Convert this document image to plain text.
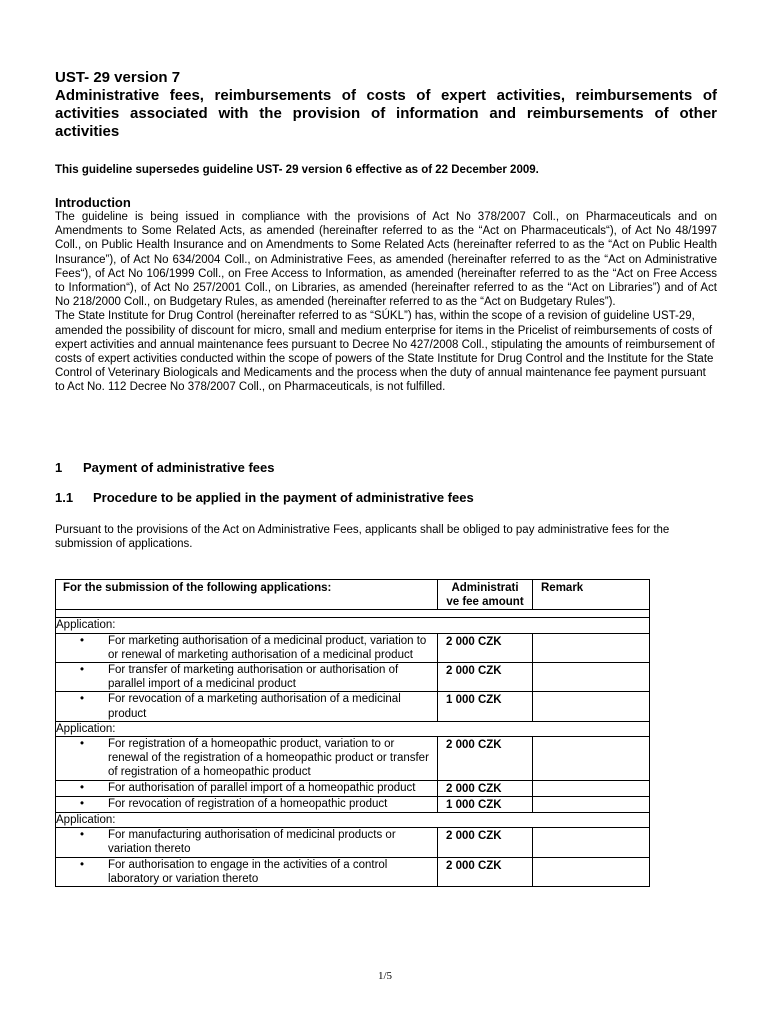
UST- 29 version 7
Administrative fees, reimbursements of costs of expert activities, reimbursements of activities associated with the provision of information and reimbursements of other activities
This guideline supersedes guideline UST- 29 version 6 effective as of 22 December 2009.
Introduction

The guideline is being issued in compliance with the provisions of Act No 378/2007 Coll., on Pharmaceuticals and on Amendments to Some Related Acts, as amended (hereinafter referred to as the “Act on Pharmaceuticals“), of Act No 48/1997 Coll., on Public Health Insurance and on Amendments to Some Related Acts (hereinafter referred to as the “Act on Public Health Insurance”), of Act No 634/2004 Coll., on Administrative Fees, as amended (hereinafter referred to as the “Act on Administrative Fees“), of Act No 106/1999 Coll., on Free Access to Information, as amended (hereinafter referred to as the “Act on Free Access to Information“), of Act No 257/2001 Coll., on Libraries, as amended (hereinafter referred to as the “Act on Libraries”) and of Act No 218/2000 Coll., on Budgetary Rules, as amended (hereinafter referred to as the “Act on Budgetary Rules”).

The State Institute for Drug Control (hereinafter referred to as “SÚKL”) has, within the scope of a revision of guideline UST-29, amended the possibility of discount for micro, small and medium enterprise for items in the Pricelist of reimbursements of costs of expert activities and annual maintenance fees pursuant to Decree No 427/2008 Coll., stipulating the amounts of reimbursement of costs of expert activities conducted within the scope of powers of the State Institute for Drug Control and the Institute for the State Control of Veterinary Biologicals and Medicaments and the process when the duty of annual maintenance fee payment pursuant to Act No. 112 Decree No 378/2007 Coll., on Pharmaceuticals, is not fulfilled.

1 Payment of administrative fees
1.1 Procedure to be applied in the payment of administrative fees

Pursuant to the provisions of the Act on Administrative Fees, applicants shall be obliged to pay administrative fees for the submission of applications.

For the submission of the following applications:	Administrati ve fee amount
	Remark

Application:

•	For marketing authorisation of a medicinal product, variation to or renewal of marketing authorisation of a medicinal product
	2 000 CZK	

•	For transfer of marketing authorisation or authorisation of parallel import of a medicinal product
	2 000 CZK	

•	For revocation of a marketing authorisation of a medicinal product
	1 000 CZK	
Application:

•	For registration of a homeopathic product, variation to or renewal of the registration of a homeopathic product or transfer of registration of a homeopathic product
	2 000 CZK	

•	For authorisation of parallel import of a homeopathic product	2 000 CZK	

•	For revocation of registration of a homeopathic product	1 000 CZK	
Application:

•	For manufacturing authorisation of medicinal products or variation thereto
	2 000 CZK	

•	For authorisation to engage in the activities of a control laboratory or variation thereto
	2 000 CZK	
1/5
